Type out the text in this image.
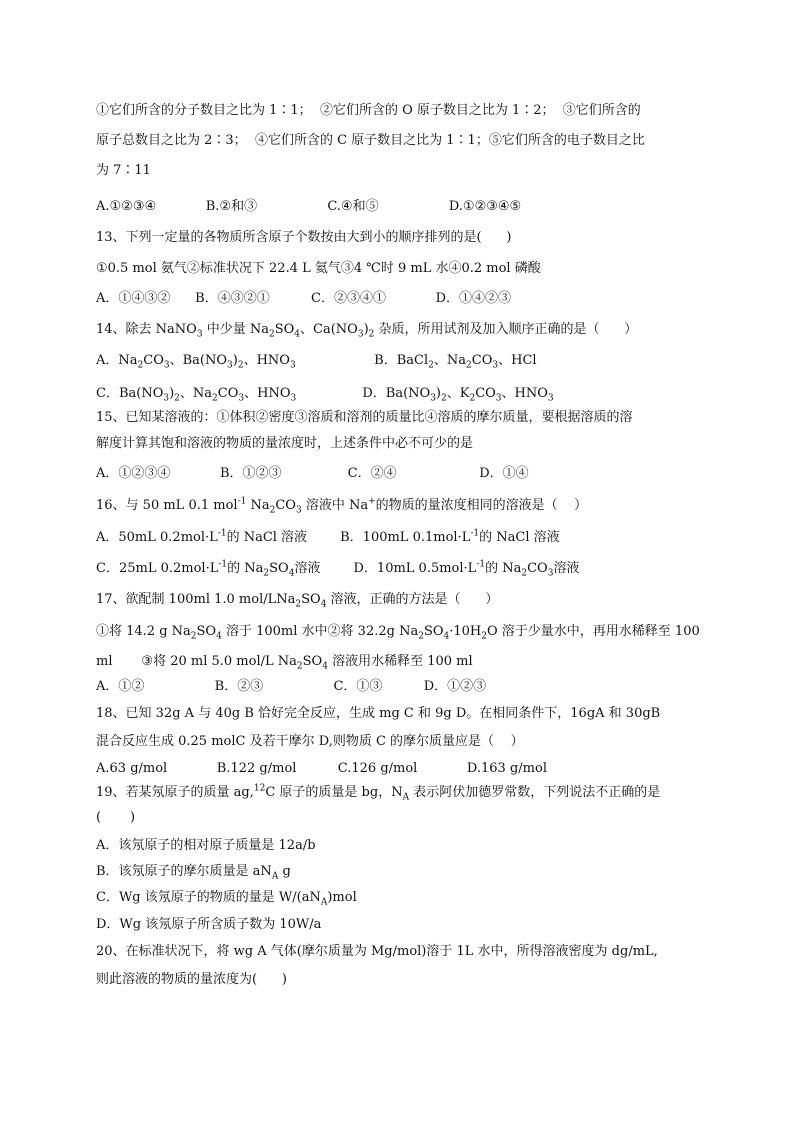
①它们所含的分子数目之比为 1∶1；  ②它们所含的 O 原子数目之比为 1∶2；  ③它们所含的
原子总数目之比为 2∶3；  ④它们所含的 C 原子数目之比为 1∶1；⑤它们所含的电子数目之比
为 7∶11
A.①②③④            B.②和③                 C.④和⑤                 D.①②③④⑤
13、下列一定量的各物质所含原子个数按由大到小的顺序排列的是(      )
①0.5 mol 氨气②标准状况下 22.4 L 氦气③4 ℃时 9 mL 水④0.2 mol 磷酸
A．①④③②      B．④③②①          C．②③④①            D．①④②③
14、除去 NaNO$_3$ 中少量 $Na_2SO_4$、$Ca(NO_3)_2$ 杂质，所用试剂及加入顺序正确的是（      ）
A．$Na_2CO_3$、$Ba(NO_3)_2$、$HNO_3$                   B．BaCl$_2$、$Na_2CO_3$、HCl
C．$Ba(NO_3)_2$、$Na_2CO_3$、$HNO_3$                D．$Ba(NO_3)_2$、$K_2CO_3$、$HNO_3$
15、已知某溶液的：①体积②密度③溶质和溶剂的质量比④溶质的摩尔质量，要根据溶质的溶
解度计算其饱和溶液的物质的量浓度时，上述条件中必不可少的是
A．①②③④            B．①②③                C．②④                    D．①④
16、与 50 mL 0.1 mol$^{-1}$ $Na_2CO_3$ 溶液中 Na+的物质的量浓度相同的溶液是（    ）
A．50mL $0.2mol\cdot L^{-1}$的 NaCl 溶液        B．100mL $0.1mol\cdot L^{-1}$的 NaCl 溶液
C．25mL $0.2mol\cdot L^{-1}$的 $Na_2SO_4$溶液        D．10mL $0.5mol\cdot L^{-1}$的 $Na_2CO_3$溶液
17、欲配制 100ml 1.0 mol/$LNa_2SO_4$ 溶液，正确的方法是（      ）
①将 14.2 g $Na_2SO_4$ 溶于 100ml 水中②将 32.2g $Na_2SO_4\cdot 10H_2O$ 溶于少量水中，再用水稀释至 100
ml       ③将 20 ml 5.0 mol/L $Na_2SO_4$ 溶液用水稀释至 100 ml
A．①②                 B．②③                 C．①③          D．①②③
18、已知 32g A 与 40g B 恰好完全反应，生成 mg C 和 9g D。在相同条件下，16gA 和 30gB
混合反应生成 0.25 molC 及若干摩尔 D,则物质 C 的摩尔质量应是（    ）
A.63 g/mol            B.122 g/mol          C.126 g/mol            D.163 g/mol
19、若某氖原子的质量 ag,$^{12}$C 原子的质量是 bg，$N_A$ 表示阿伏加德罗常数，下列说法不正确的是
(       )
A．该氖原子的相对原子质量是 12a/b
B．该氖原子的摩尔质量是 $aN_A$ g
C．Wg 该氖原子的物质的量是 $W/(aN_A)mol$
D．Wg 该氖原子所含质子数为 10W/a
20、在标准状况下，将 wg A 气体(摩尔质量为 Mg/mol)溶于 1L 水中，所得溶液密度为 dg/mL,
则此溶液的物质的量浓度为(      )
